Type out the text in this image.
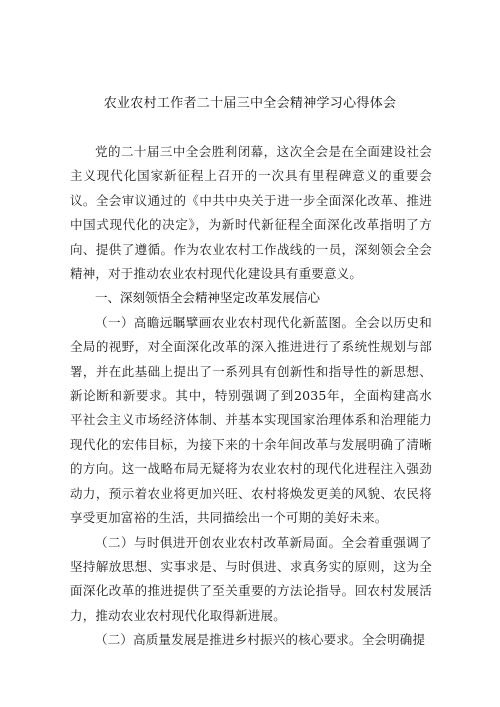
农业农村工作者二十届三中全会精神学习心得体会

党的二十届三中全会胜利闭幕，这次全会是在全面建设社会主义现代化国家新征程上召开的一次具有里程碑意义的重要会议。全会审议通过的《中共中央关于进一步全面深化改革、推进中国式现代化的决定》，为新时代新征程全面深化改革指明了方向、提供了遵循。作为农业农村工作战线的一员，深刻领会全会精神，对于推动农业农村现代化建设具有重要意义。

一、深刻领悟全会精神坚定改革发展信心

（一）高瞻远瞩擘画农业农村现代化新蓝图。全会以历史和全局的视野，对全面深化改革的深入推进进行了系统性规划与部署，并在此基础上提出了一系列具有创新性和指导性的新思想、新论断和新要求。其中，特别强调了到2035年，全面构建高水平社会主义市场经济体制、并基本实现国家治理体系和治理能力现代化的宏伟目标，为接下来的十余年间改革与发展明确了清晰的方向。这一战略布局无疑将为农业农村的现代化进程注入强劲动力，预示着农业将更加兴旺、农村将焕发更美的风貌、农民将享受更加富裕的生活，共同描绘出一个可期的美好未来。

（二）与时俱进开创农业农村改革新局面。全会着重强调了坚持解放思想、实事求是、与时俱进、求真务实的原则，这为全面深化改革的推进提供了至关重要的方法论指导。回农村发展活力，推动农业农村现代化取得新进展。

（二）高质量发展是推进乡村振兴的核心要求。全会明确提
